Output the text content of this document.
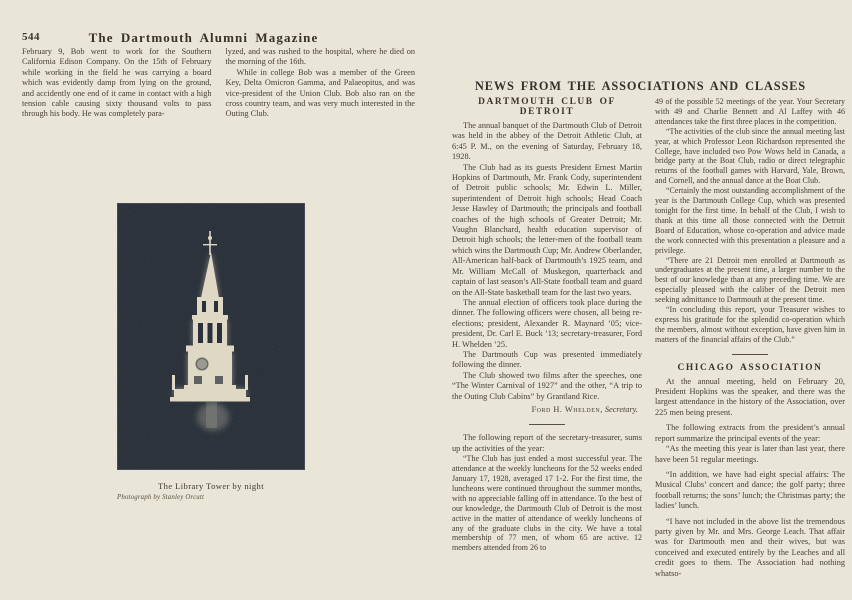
544	The Dartmouth Alumni Magazine

February 9, Bob went to work for the Southern California Edison Company. On the 15th of February while working in the field he was carrying a board which was evidently damp from lying on the ground, and accidently one end of it came in contact with a high tension cable causing sixty thousand volts to pass through his body. He was completely para-

lyzed, and was rushed to the hospital, where he died on the morning of the 16th.

While in college Bob was a member of the Green Key, Delta Omicron Gamma, and Palaeopitus, and was vice-president of the Union Club. Bob also ran on the cross country team, and was very much interested in the Outing Club.

The Library Tower by night
Photograph by Stanley Orcutt
NEWS FROM THE ASSOCIATIONS AND CLASSES
DARTMOUTH CLUB OF DETROIT

The annual banquet of the Dartmouth Club of Detroit was held in the abbey of the Detroit Athletic Club, at 6:45 P. M., on the evening of Saturday, February 18, 1928.

The Club had as its guests President Ernest Martin Hopkins of Dartmouth, Mr. Frank Cody, superintendent of Detroit public schools; Mr. Edwin L. Miller, superintendent of Detroit high schools; Head Coach Jesse Hawley of Dartmouth; the principals and football coaches of the high schools of Greater Detroit; Mr. Vaughn Blanchard, health education supervisor of Detroit high schools; the letter-men of the football team which wins the Dartmouth Cup; Mr. Andrew Oberlander, All-American half-back of Dartmouth’s 1925 team, and Mr. William McCall of Muskegon, quarterback and captain of last season’s All-State football team and guard on the All-State basketball team for the last two years.

The annual election of officers took place during the dinner. The following officers were chosen, all being re-elections; president, Alexander R. Maynard ’05; vice-president, Dr. Carl E. Buck ’13; secretary-treasurer, Ford H. Whelden ’25.

The Dartmouth Cup was presented immediately following the dinner.

The Club showed two films after the speeches, one “The Winter Carnival of 1927” and the other, “A trip to the Outing Club Cabins” by Grantland Rice.

Ford H. Whelden, Secretary.

The following report of the secretary-treasurer, sums up the activities of the year:

“The Club has just ended a most successful year. The attendance at the weekly luncheons for the 52 weeks ended January 17, 1928, averaged 17 1-2. For the first time, the luncheons were continued throughout the summer months, with no appreciable falling off in attendance. To the best of our knowledge, the Dartmouth Club of Detroit is the most active in the matter of attendance of weekly luncheons of any of the graduate clubs in the city. We have a total membership of 77 men, of whom 65 are active. 12 members attended from 26 to

49 of the possible 52 meetings of the year. Your Secretary with 49 and Charlie Bennett and Al Laffey with 46 attendances take the first three places in the competition.

“The activities of the club since the annual meeting last year, at which Professor Leon Richardson represented the College, have included two Pow Wows held in Canada, a bridge party at the Boat Club, radio or direct telegraphic returns of the football games with Harvard, Yale, Brown, and Cornell, and the annual dance at the Boat Club.

“Certainly the most outstanding accomplishment of the year is the Dartmouth College Cup, which was presented tonight for the first time. In behalf of the Club, I wish to thank at this time all those connected with the Detroit Board of Education, whose co-operation and advice made the work connected with this presentation a pleasure and a privilege.

“There are 21 Detroit men enrolled at Dartmouth as undergraduates at the present time, a larger number to the best of our knowledge than at any preceding time. We are especially pleased with the caliber of the Detroit men seeking admittance to Dartmouth at the present time.

“In concluding this report, your Treasurer wishes to express his gratitude for the splendid co-operation which the members, almost without exception, have given him in matters of the financial affairs of the Club.”

CHICAGO ASSOCIATION

At the annual meeting, held on February 20, President Hopkins was the speaker, and there was the largest attendance in the history of the Association, over 225 men being present.

The following extracts from the president’s annual report summarize the principal events of the year:

“As the meeting this year is later than last year, there have been 51 regular meetings.

“In addition, we have had eight special affairs: The Musical Clubs’ concert and dance; the golf party; three football returns; the sons’ lunch; the Christmas party; the ladies’ lunch.

“I have not included in the above list the tremendous party given by Mr. and Mrs. George Leach. That affair was for Dartmouth men and their wives, but was conceived and executed entirely by the Leaches and all credit goes to them. The Association had nothing whatso-
